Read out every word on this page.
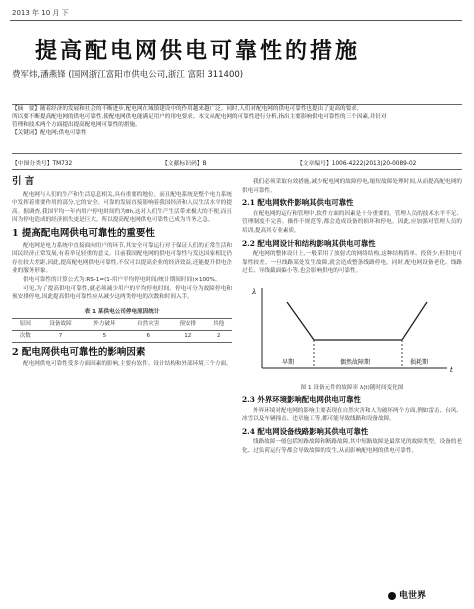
2013 年 10 月 下
提高配电网供电可靠性的措施
费军炜,潘燕锋 (国网浙江富阳市供电公司,浙江 富阳 311400)

【摘　要】随着经济的发展和社会的不断进步,配电网在城镇建设中的作用越来越广泛。同时,人们对配电网的供电可靠性也提出了更高的要求,

所以要不断提高配电网的供电可靠性,使配电网供电能满足用户的用电要求。本文从配电网的可靠性进行分析,指出主要影响供电可靠性的三个因素,并针对

管理和技术两个方面提出提高配电网可靠性的措施。

【关键词】配电网;供电可靠性

【中图分类号】TM732	【文献标识码】B	【文章编号】1006-4222(2013)20-0089-02
引 言

配电网与人们的生产和生活息息相关,具有重要的地位。而且配电系统是整个电力系统中发挥着重要作用的部分,它的安全、可靠的发展直接影响着我国经济和人民生活水平的提高。据调查,我国平均一年内用户停电时间约为8h,这对人们生产生活带来极大的不便,而且因为停电造成的经济损失更是巨大。所以提高配电网供电可靠性已成为当务之急。

1 提高配电网供电可靠性的重要性

配电网是电力系统中直接面向用户的环节,其安全可靠运行对于保证人们的正常生活和国民经济正常发展,有着举足轻重的意义。目前我国配电网的供电可靠性与发达国家相比仍存在较大差距,因此,提高配电网供电可靠性,不仅可以提高企业的经济效益,还能提升供电企业的服务形象。

供电可靠性的计算公式为:RS-1=(1-用户平均停电时间/统计期间时间)×100%。

可见,为了提高供电可靠性,就必须减少用户的平均停电时间。停电可分为故障停电和预安排停电,因此提高供电可靠性应从减少这两类停电的次数和时间入手。

表 1 某供电公司停电原因统计
原因	设备故障	外力破坏	自然灾害	预安排	其他
次数	7	5	6	12	2
2 配电网供电可靠性的影响因素

配电网供电可靠性受多方面因素的影响,主要有软件、设计结构和外部环境三个方面。

我们必须采取有效措施,减少配电网的故障停电,缩短故障处理时间,从而提高配电网的供电可靠性。

2.1 配电网软件影响其供电可靠性

在配电网的运行和管理中,软件方面的因素是十分重要的。管理人员的技术水平不足、管理制度不完善、操作不规范等,都会造成设备的损坏和停电。因此,应加强对管理人员的培训,提高其专业素质。

2.2 配电网设计和结构影响其供电可靠性

配电网的整体设计上,一般采用了放射式的网络结构,这种结构简单、投资少,但供电可靠性较差。一旦线路某处发生故障,就会造成整条线路停电。同时,配电网设备老化、线路过长、导线截面偏小等,也会影响供电的可靠性。

λ
t
早期	偶然故障期	损耗期
图 1 设备元件的故障率 λ(t)随时间变化图
2.3 外界环境影响配电网供电可靠性

外界环境对配电网的影响主要表现在自然灾害和人为破坏两个方面,例如雷击、台风、冰雪以及车辆撞击、违章施工等,都可能导致线路和设备故障。

2.4 配电网设备线路影响其供电可靠性

线路故障一般包括短路故障和断路故障,其中短路故障是最常见的故障类型。设备的老化、过负荷运行等都会导致故障的发生,从而影响配电网的供电可靠性。

电世界
